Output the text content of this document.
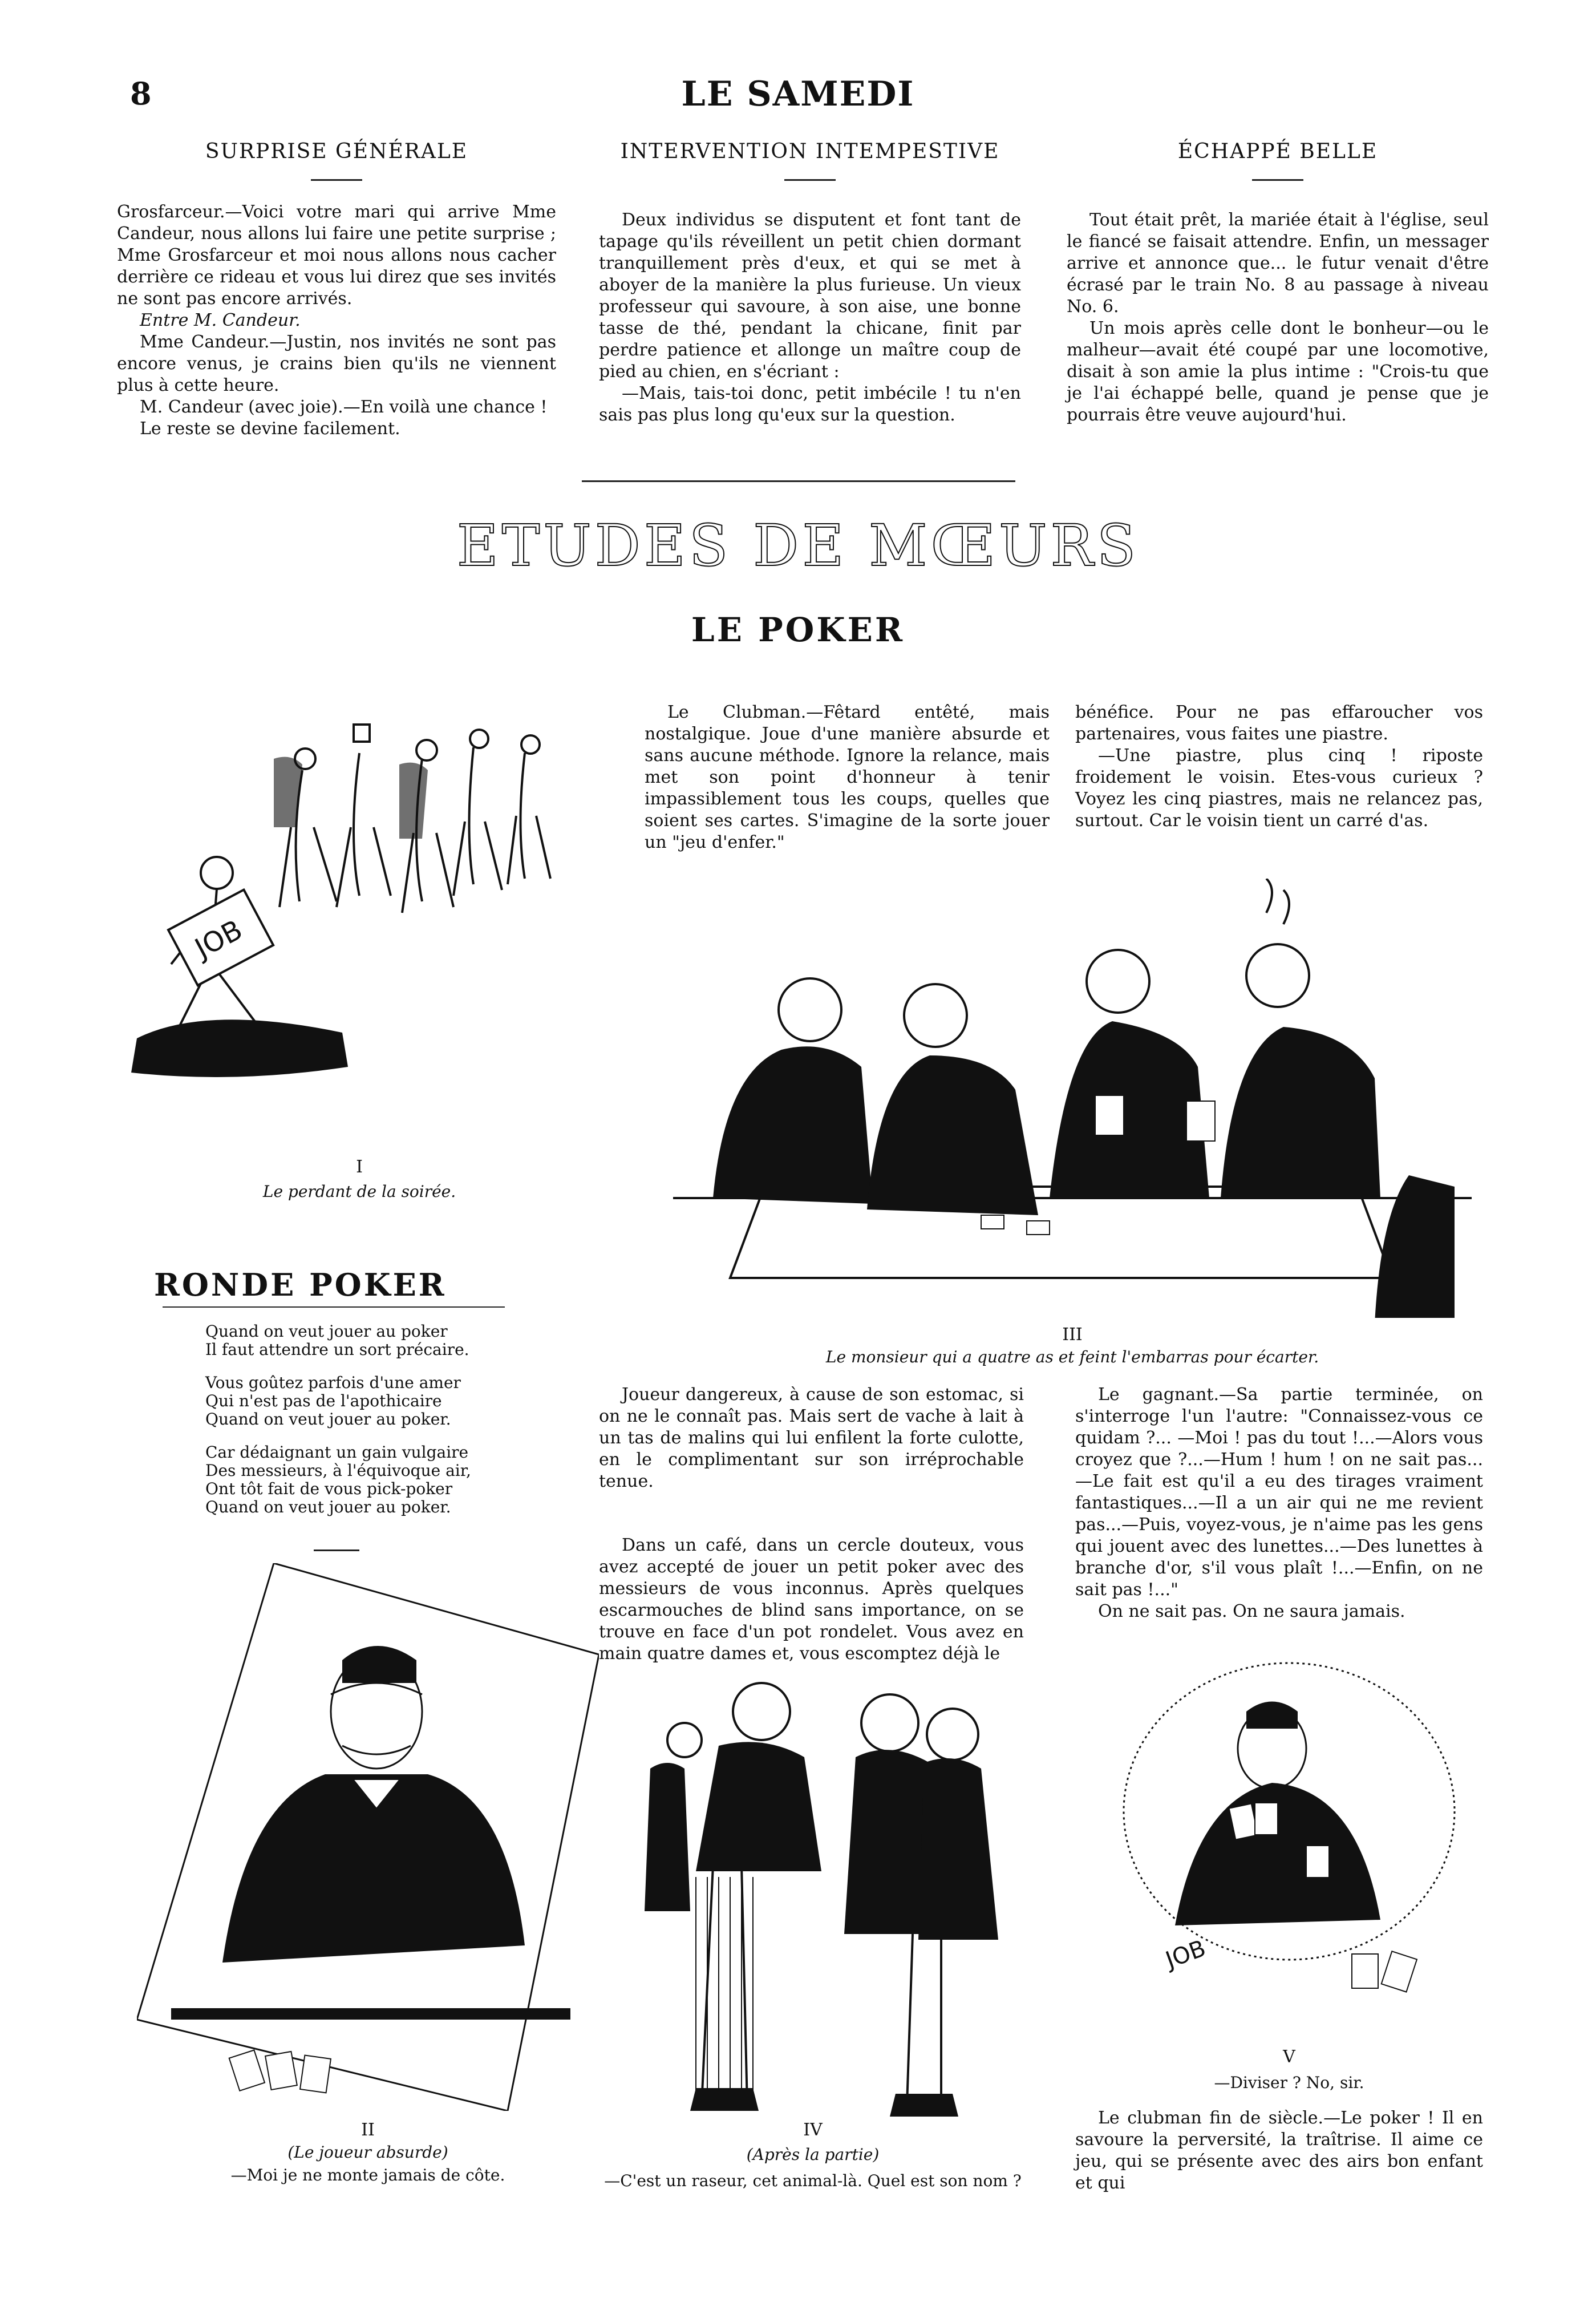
8	LE SAMEDI
SURPRISE GÉNÉRALE

Grosfarceur.—Voici votre mari qui arrive Mme Candeur, nous allons lui faire une petite surprise ; Mme Grosfarceur et moi nous allons nous cacher derrière ce rideau et vous lui direz que ses invités ne sont pas encore arrivés.

Entre M. Candeur.

Mme Candeur.—Justin, nos invités ne sont pas encore venus, je crains bien qu'ils ne viennent plus à cette heure.

M. Candeur (avec joie).—En voilà une chance !

Le reste se devine facilement.

INTERVENTION INTEMPESTIVE

Deux individus se disputent et font tant de tapage qu'ils réveillent un petit chien dormant tranquillement près d'eux, et qui se met à aboyer de la manière la plus furieuse. Un vieux professeur qui savoure, à son aise, une bonne tasse de thé, pendant la chicane, finit par perdre patience et allonge un maître coup de pied au chien, en s'écriant :

—Mais, tais-toi donc, petit imbécile ! tu n'en sais pas plus long qu'eux sur la question.

ÉCHAPPÉ BELLE

Tout était prêt, la mariée était à l'église, seul le fiancé se faisait attendre. Enfin, un messager arrive et annonce que... le futur venait d'être écrasé par le train No. 8 au passage à niveau No. 6.

Un mois après celle dont le bonheur—ou le malheur—avait été coupé par une locomotive, disait à son amie la plus intime : "Crois-tu que je l'ai échappé belle, quand je pense que je pourrais être veuve aujourd'hui.

ETUDES DE MŒURS
LE POKER
JOB
I
Le perdant de la soirée.
RONDE POKER
Quand on veut jouer au poker
Il faut attendre un sort précaire.
Vous goûtez parfois d'une amer
Qui n'est pas de l'apothicaire
Quand on veut jouer au poker.
Car dédaignant un gain vulgaire
Des messieurs, à l'équivoque air,
Ont tôt fait de vous pick-poker
Quand on veut jouer au poker.

Le Clubman.—Fêtard entêté, mais nostalgique. Joue d'une manière absurde et sans aucune méthode. Ignore la relance, mais met son point d'honneur à tenir impassiblement tous les coups, quelles que soient ses cartes. S'imagine de la sorte jouer un "jeu d'enfer."

bénéfice. Pour ne pas effaroucher vos partenaires, vous faites une piastre.

—Une piastre, plus cinq ! riposte froidement le voisin. Etes-vous curieux ? Voyez les cinq piastres, mais ne relancez pas, surtout. Car le voisin tient un carré d'as.

III
Le monsieur qui a quatre as et feint l'embarras pour écarter.

Joueur dangereux, à cause de son estomac, si on ne le connaît pas. Mais sert de vache à lait à un tas de malins qui lui enfilent la forte culotte, en le complimentant sur son irréprochable tenue.

Dans un café, dans un cercle douteux, vous avez accepté de jouer un petit poker avec des messieurs de vous inconnus. Après quelques escarmouches de blind sans importance, on se trouve en face d'un pot rondelet. Vous avez en main quatre dames et, vous escomptez déjà le

Le gagnant.—Sa partie terminée, on s'interroge l'un l'autre: "Connaissez-vous ce quidam ?... —Moi ! pas du tout !...—Alors vous croyez que ?...—Hum ! hum ! on ne sait pas...—Le fait est qu'il a eu des tirages vraiment fantastiques...—Il a un air qui ne me revient pas...—Puis, voyez-vous, je n'aime pas les gens qui jouent avec des lunettes...—Des lunettes à branche d'or, s'il vous plaît !...—Enfin, on ne sait pas !..."

On ne sait pas. On ne saura jamais.

II
(Le joueur absurde)
—Moi je ne monte jamais de côte.
IV
(Après la partie)
—C'est un raseur, cet animal-là. Quel est son nom ?
JOB
V
—Diviser ? No, sir.

Le clubman fin de siècle.—Le poker ! Il en savoure la perversité, la traîtrise. Il aime ce jeu, qui se présente avec des airs bon enfant et qui
